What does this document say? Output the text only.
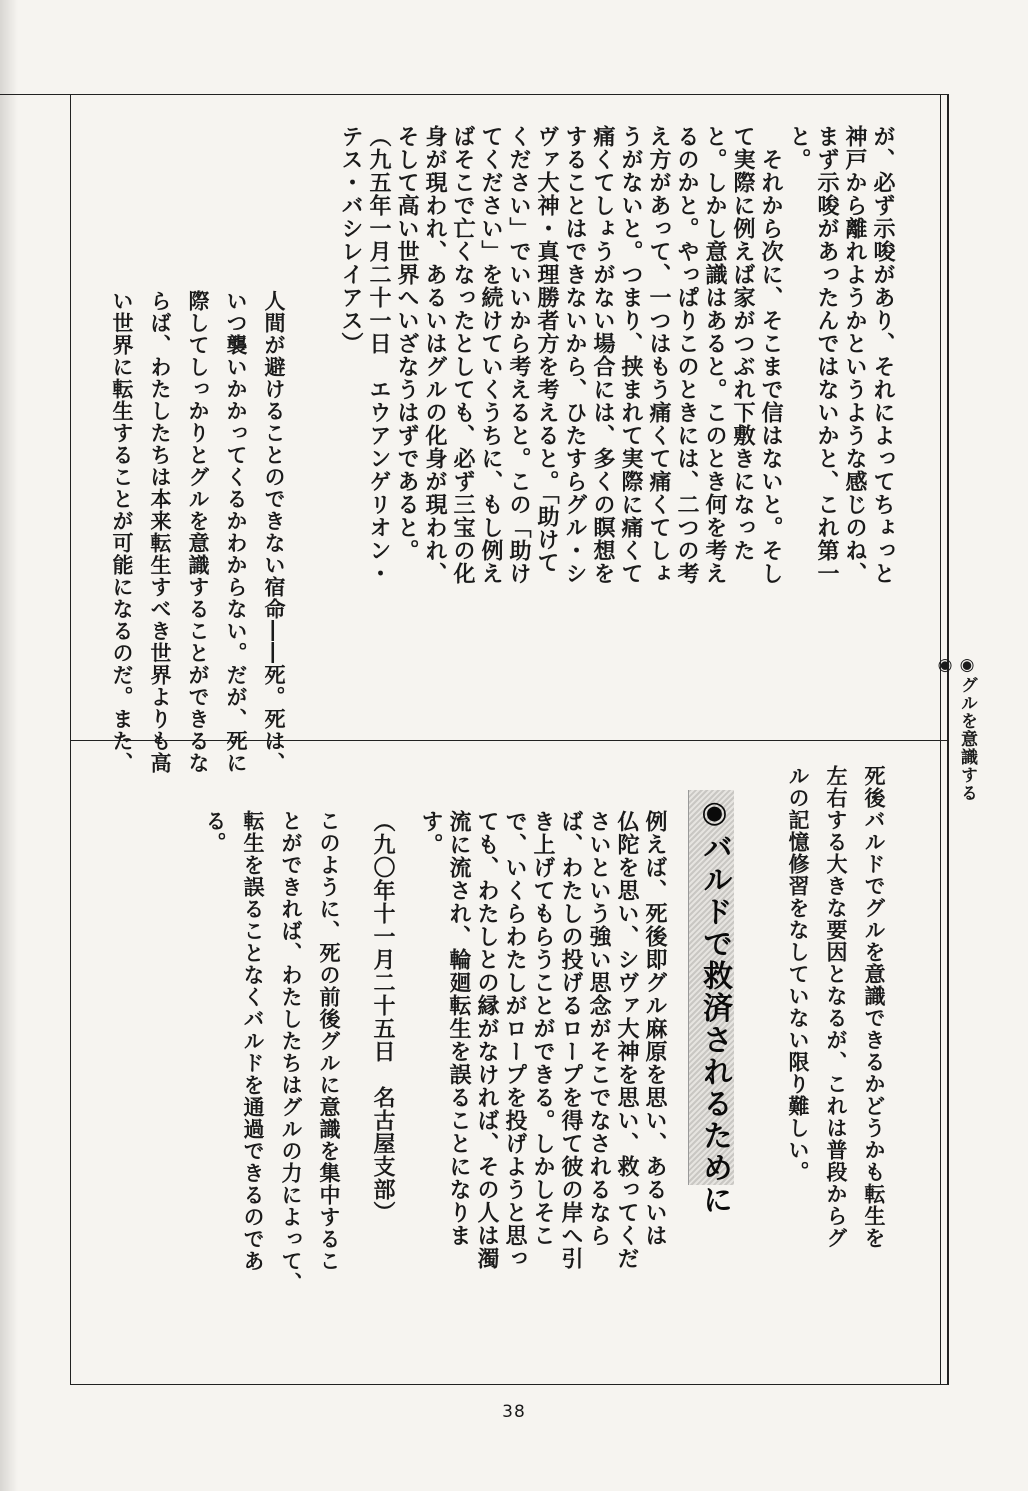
◉グルを意識する◉
が、必ず示唆があり、それによってちょっと
神戸から離れようかというような感じのね、
まず示唆があったんではないかと、これ第一
と。
　それから次に、そこまで信はないと。そし
て実際に例えば家がつぶれ下敷きになった
と。しかし意識はあると。このとき何を考え
るのかと。やっぱりこのときには、二つの考
え方があって、一つはもう痛くて痛くてしょ
うがないと。つまり、挟まれて実際に痛くて
痛くてしょうがない場合には、多くの瞑想を
することはできないから、ひたすらグル・シ
ヴァ大神・真理勝者方を考えると。「助けて
ください」でいいから考えると。この「助け
てください」を続けていくうちに、もし例え
ばそこで亡くなったとしても、必ず三宝の化
身が現われ、あるいはグルの化身が現われ、
そして高い世界へいざなうはずであると。
（九五年一月二十一日　エウアンゲリオン・
テス・バシレイアス）
人間が避けることのできない宿命――死。死は、
いつ襲いかかってくるかわからない。だが、死に
際してしっかりとグルを意識することができるな
らば、わたしたちは本来転生すべき世界よりも高
い世界に転生することが可能になるのだ。また、
死後バルドでグルを意識できるかどうかも転生を
左右する大きな要因となるが、これは普段からグ
ルの記憶修習をなしていない限り難しい。
◉バルドで救済されるために
例えば、死後即グル麻原を思い、あるいは
仏陀を思い、シヴァ大神を思い、救ってくだ
さいという強い思念がそこでなされるなら
ば、わたしの投げるロープを得て彼の岸へ引
き上げてもらうことができる。しかしそこ
で、いくらわたしがロープを投げようと思っ
ても、わたしとの縁がなければ、その人は濁
流に流され、輪廻転生を誤ることになりま
す。
（九〇年十一月二十五日　名古屋支部）
このように、死の前後グルに意識を集中するこ
とができれば、わたしたちはグルの力によって、
転生を誤ることなくバルドを通過できるのであ
る。
38
